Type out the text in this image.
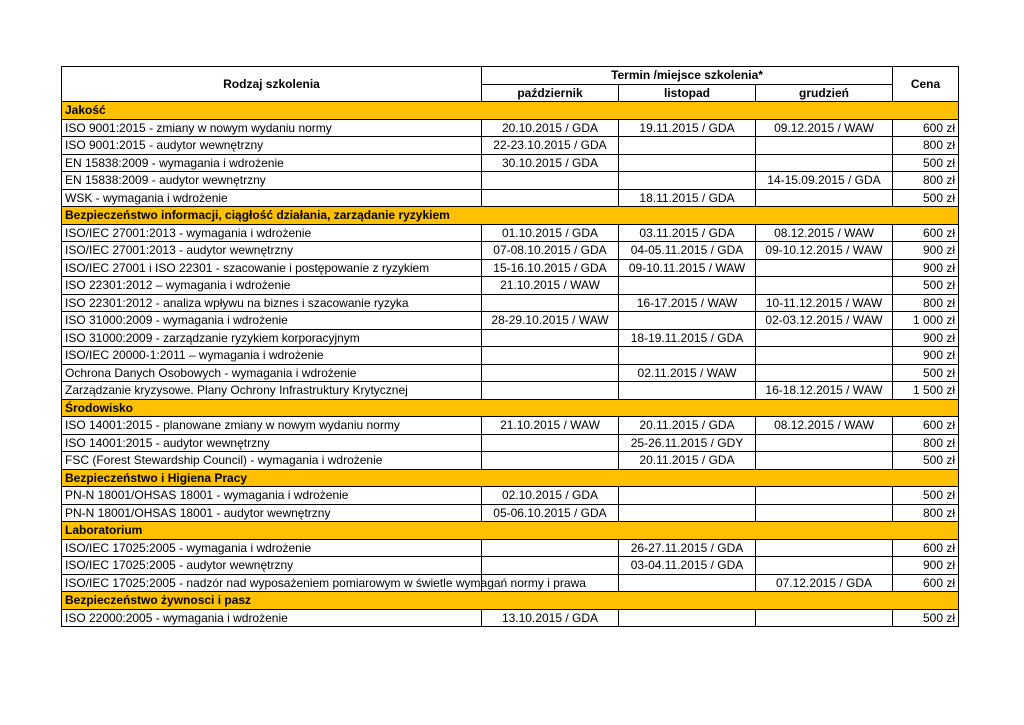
Rodzaj szkolenia	Termin /miejsce szkolenia*			Cena
	październik	listopad	grudzień	
Jakość				
ISO 9001:2015 - zmiany w nowym wydaniu normy	20.10.2015 / GDA	19.11.2015 / GDA	09.12.2015 / WAW	600 zł
ISO 9001:2015 - audytor wewnętrzny	22-23.10.2015 / GDA			800 zł
EN 15838:2009 - wymagania i wdrożenie	30.10.2015 / GDA			500 zł
EN 15838:2009 - audytor wewnętrzny			14-15.09.2015 / GDA	800 zł
WSK - wymagania i wdrożenie		18.11.2015 / GDA		500 zł
Bezpieczeństwo informacji, ciągłość działania, zarządanie ryzykiem				
ISO/IEC 27001:2013 - wymagania i wdrożenie	01.10.2015 / GDA	03.11.2015 / GDA	08.12.2015 / WAW	600 zł
ISO/IEC 27001:2013 - audytor wewnętrzny	07-08.10.2015 / GDA	04-05.11.2015 / GDA	09-10.12.2015 / WAW	900 zł
ISO/IEC 27001 i ISO 22301 - szacowanie i postępowanie z ryzykiem	15-16.10.2015 / GDA	09-10.11.2015 / WAW		900 zł
ISO 22301:2012 – wymagania i wdrożenie	21.10.2015 / WAW			500 zł
ISO 22301:2012 - analiza wpływu na biznes i szacowanie ryzyka		16-17.2015 / WAW	10-11.12.2015 / WAW	800 zł
ISO 31000:2009 - wymagania i wdrożenie	28-29.10.2015 / WAW		02-03.12.2015 / WAW	1 000 zł
ISO 31000:2009 - zarządzanie ryzykiem korporacyjnym		18-19.11.2015 / GDA		900 zł
ISO/IEC 20000-1:2011 – wymagania i wdrożenie				900 zł
Ochrona Danych Osobowych - wymagania i wdrożenie		02.11.2015 / WAW		500 zł
Zarządzanie kryzysowe. Plany Ochrony Infrastruktury Krytycznej			16-18.12.2015 / WAW	1 500 zł
Środowisko				
ISO 14001:2015 - planowane zmiany w nowym wydaniu normy	21.10.2015 / WAW	20.11.2015 / GDA	08.12.2015 / WAW	600 zł
ISO 14001:2015 - audytor wewnętrzny		25-26.11.2015 / GDY		800 zł
FSC (Forest Stewardship Council) - wymagania i wdrożenie		20.11.2015 / GDA		500 zł
Bezpieczeństwo i Higiena Pracy				
PN-N 18001/OHSAS 18001 - wymagania i wdrożenie	02.10.2015 / GDA			500 zł
PN-N 18001/OHSAS 18001 - audytor wewnętrzny	05-06.10.2015 / GDA			800 zł
Laboratorium				
ISO/IEC 17025:2005 - wymagania i wdrożenie		26-27.11.2015 / GDA		600 zł
ISO/IEC 17025:2005 - audytor wewnętrzny		03-04.11.2015 / GDA		900 zł
ISO/IEC 17025:2005 - nadzór nad wyposażeniem pomiarowym w świetle wymagań normy i prawa			07.12.2015 / GDA	600 zł
Bezpieczeństwo żywnosci i pasz				
ISO 22000:2005 - wymagania i wdrożenie	13.10.2015 / GDA			500 zł
